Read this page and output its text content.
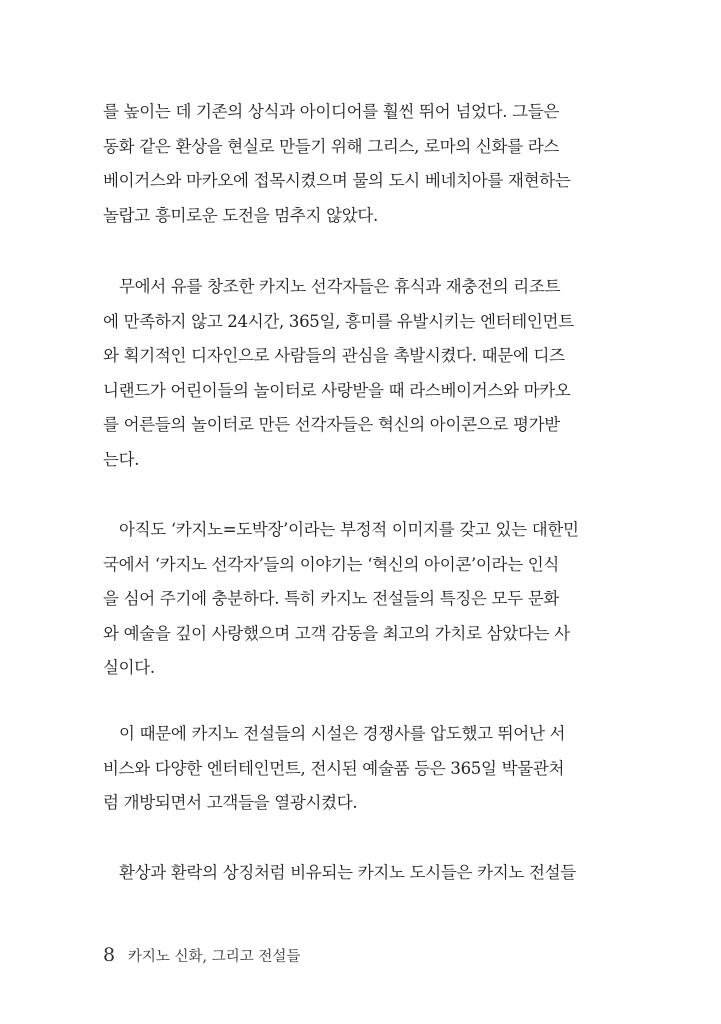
를 높이는 데 기존의 상식과 아이디어를 훨씬 뛰어 넘었다. 그들은
동화 같은 환상을 현실로 만들기 위해 그리스, 로마의 신화를 라스
베이거스와 마카오에 접목시켰으며 물의 도시 베네치아를 재현하는
놀랍고 흥미로운 도전을 멈추지 않았다.
무에서 유를 창조한 카지노 선각자들은 휴식과 재충전의 리조트
에 만족하지 않고 24시간, 365일, 흥미를 유발시키는 엔터테인먼트
와 획기적인 디자인으로 사람들의 관심을 촉발시켰다. 때문에 디즈
니랜드가 어린이들의 놀이터로 사랑받을 때 라스베이거스와 마카오
를 어른들의 놀이터로 만든 선각자들은 혁신의 아이콘으로 평가받
는다.
아직도 ‘카지노=도박장’이라는 부정적 이미지를 갖고 있는 대한민
국에서 ‘카지노 선각자’들의 이야기는 ‘혁신의 아이콘’이라는 인식
을 심어 주기에 충분하다. 특히 카지노 전설들의 특징은 모두 문화
와 예술을 깊이 사랑했으며 고객 감동을 최고의 가치로 삼았다는 사
실이다.
이 때문에 카지노 전설들의 시설은 경쟁사를 압도했고 뛰어난 서
비스와 다양한 엔터테인먼트, 전시된 예술품 등은 365일 박물관처
럼 개방되면서 고객들을 열광시켰다.
환상과 환락의 상징처럼 비유되는 카지노 도시들은 카지노 전설들
8 카지노 신화, 그리고 전설들
